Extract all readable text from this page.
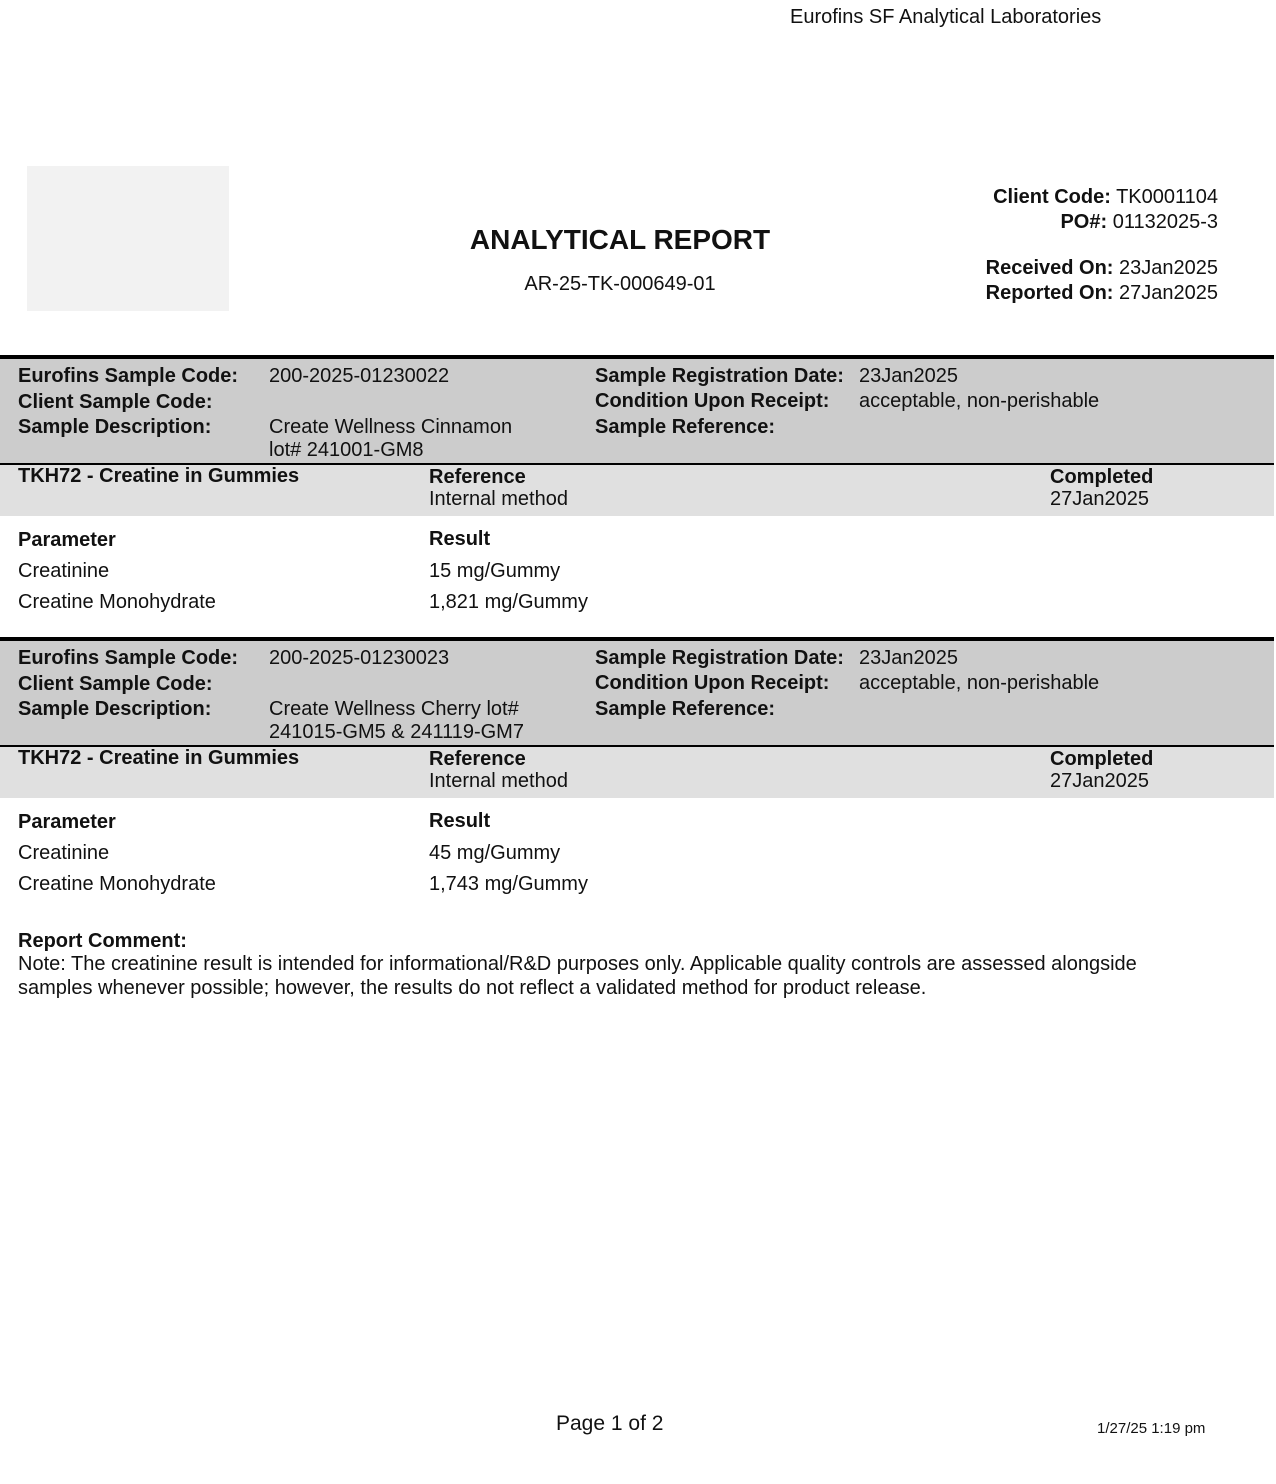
Eurofins SF Analytical Laboratories
ANALYTICAL REPORT
AR-25-TK-000649-01
Client Code: TK0001104
PO#: 01132025-3
Received On: 23Jan2025
Reported On: 27Jan2025
Eurofins Sample Code: 200-2025-01230022
Client Sample Code:
Sample Description:	Create Wellness Cinnamon
lot# 241001-GM8
Sample Registration Date: 23Jan2025
Condition Upon Receipt: acceptable, non-perishable
Sample Reference:
TKH72 - Creatine in Gummies	Reference
Internal method
Completed
27Jan2025
Parameter	Result
Creatinine	15 mg/Gummy
Creatine Monohydrate	1,821 mg/Gummy
Eurofins Sample Code: 200-2025-01230023
Client Sample Code:
Sample Description:	Create Wellness Cherry lot#
241015-GM5 & 241119-GM7
Sample Registration Date: 23Jan2025
Condition Upon Receipt: acceptable, non-perishable
Sample Reference:
TKH72 - Creatine in Gummies	Reference
Internal method
Completed
27Jan2025
Parameter	Result
Creatinine	45 mg/Gummy
Creatine Monohydrate	1,743 mg/Gummy
Report Comment:
Note: The creatinine result is intended for informational/R&D purposes only. Applicable quality controls are assessed alongside
samples whenever possible; however, the results do not reflect a validated method for product release.
Page 1 of 2	1/27/25 1:19 pm
